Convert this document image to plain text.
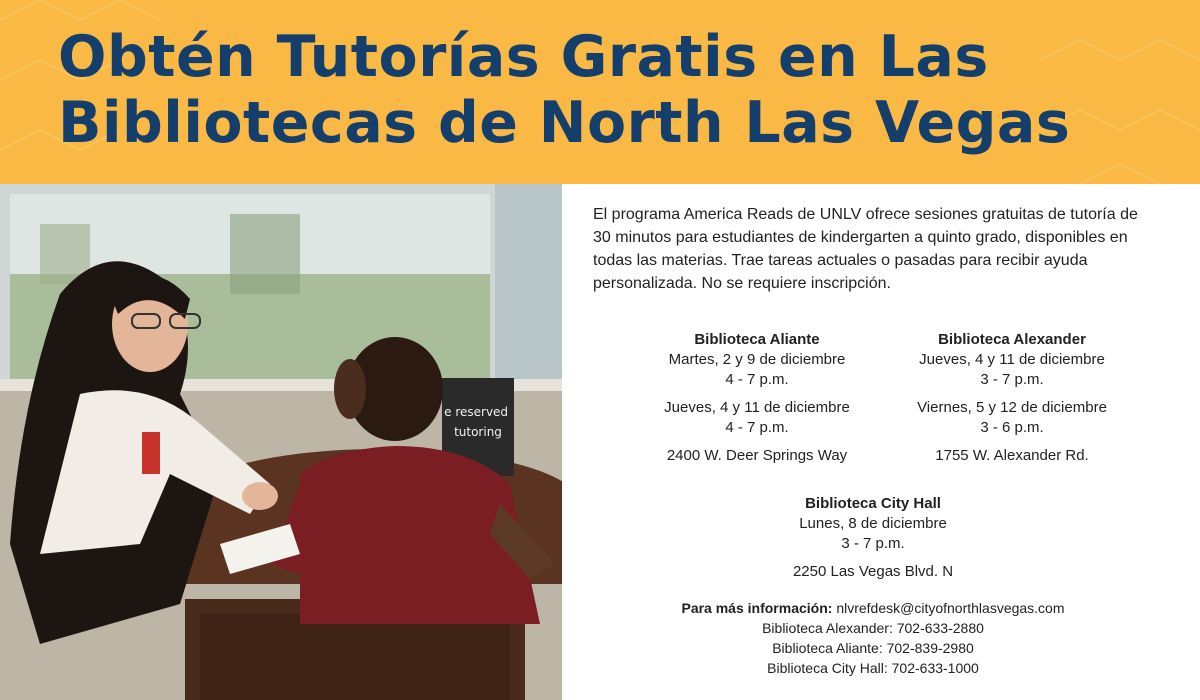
Obtén Tutorías Gratis en Las
Bibliotecas de North Las Vegas
e reserved tutoring

El programa America Reads de UNLV ofrece sesiones gratuitas de tutoría de 30 minutos para estudiantes de kindergarten a quinto grado, disponibles en todas las materias. Trae tareas actuales o pasadas para recibir ayuda personalizada. No se requiere inscripción.

Biblioteca Aliante
Martes, 2 y 9 de diciembre
4 - 7 p.m.
Jueves, 4 y 11 de diciembre
4 - 7 p.m.
2400 W. Deer Springs Way
Biblioteca Alexander
Jueves, 4 y 11 de diciembre
3 - 7 p.m.
Viernes, 5 y 12 de diciembre
3 - 6 p.m.
1755 W. Alexander Rd.
Biblioteca City Hall
Lunes, 8 de diciembre
3 - 7 p.m.
2250 Las Vegas Blvd. N
Para más información: nlvrefdesk@cityofnorthlasvegas.com
Biblioteca Alexander: 702-633-2880
Biblioteca Aliante: 702-839-2980
Biblioteca City Hall: 702-633-1000
